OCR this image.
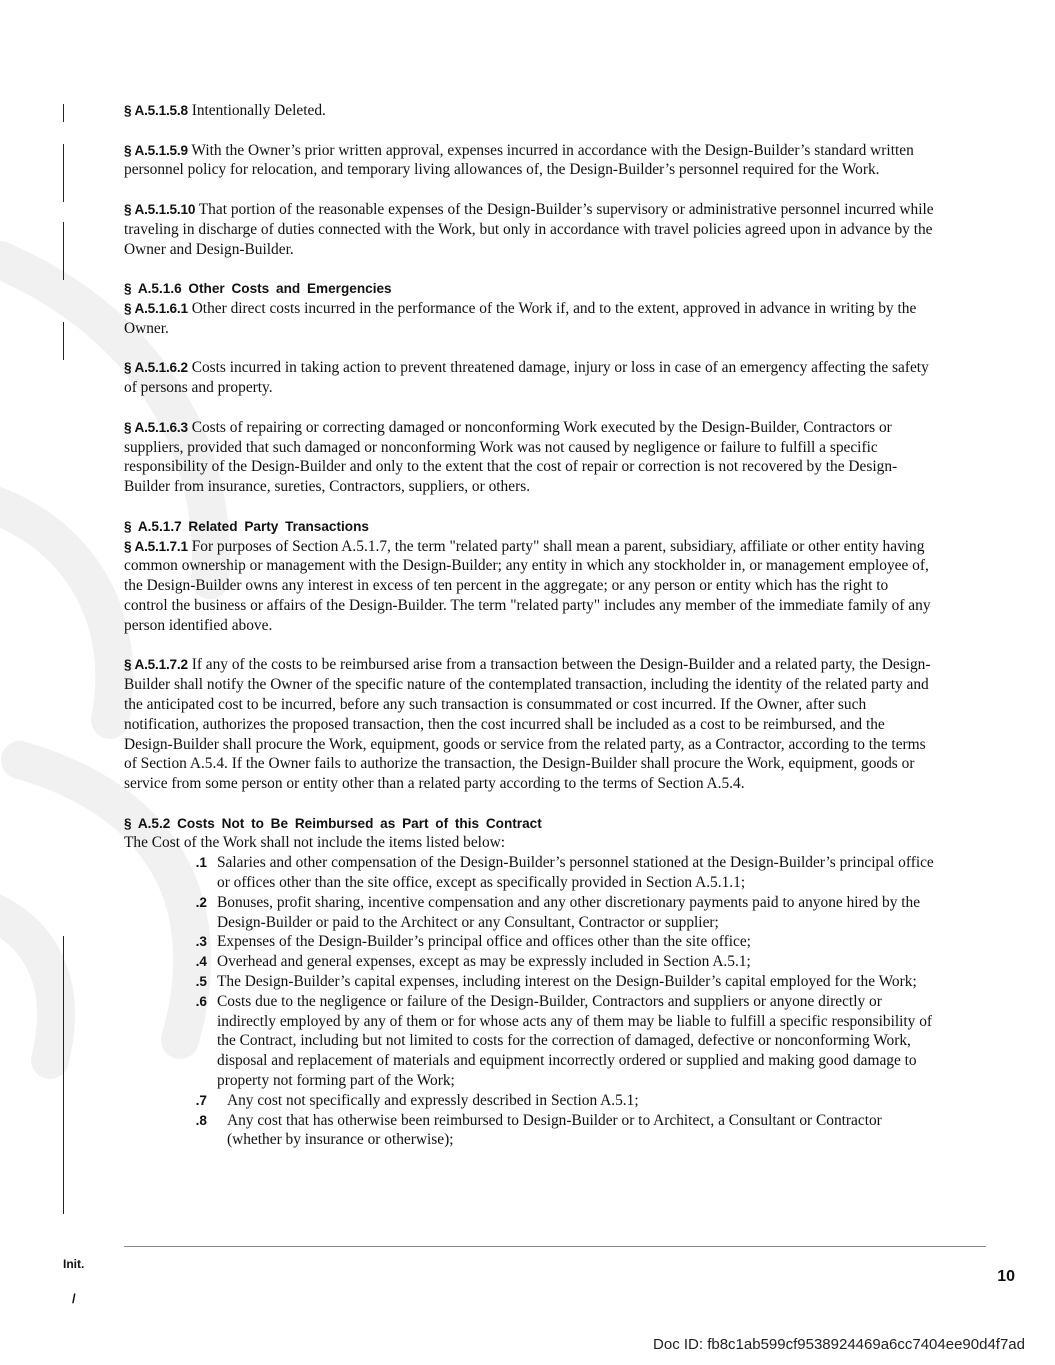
§ A.5.1.5.8 Intentionally Deleted.

§ A.5.1.5.9 With the Owner’s prior written approval, expenses incurred in accordance with the Design-Builder’s standard written personnel policy for relocation, and temporary living allowances of, the Design-Builder’s personnel required for the Work.

§ A.5.1.5.10 That portion of the reasonable expenses of the Design-Builder’s supervisory or administrative personnel incurred while traveling in discharge of duties connected with the Work, but only in accordance with travel policies agreed upon in advance by the Owner and Design-Builder.

§ A.5.1.6 Other Costs and Emergencies

§ A.5.1.6.1 Other direct costs incurred in the performance of the Work if, and to the extent, approved in advance in writing by the Owner.

§ A.5.1.6.2 Costs incurred in taking action to prevent threatened damage, injury or loss in case of an emergency affecting the safety of persons and property.

§ A.5.1.6.3 Costs of repairing or correcting damaged or nonconforming Work executed by the Design-Builder, Contractors or suppliers, provided that such damaged or nonconforming Work was not caused by negligence or failure to fulfill a specific responsibility of the Design-Builder and only to the extent that the cost of repair or correction is not recovered by the Design-Builder from insurance, sureties, Contractors, suppliers, or others.

§ A.5.1.7 Related Party Transactions

§ A.5.1.7.1 For purposes of Section A.5.1.7, the term "related party" shall mean a parent, subsidiary, affiliate or other entity having common ownership or management with the Design-Builder; any entity in which any stockholder in, or management employee of, the Design-Builder owns any interest in excess of ten percent in the aggregate; or any person or entity which has the right to control the business or affairs of the Design-Builder. The term "related party" includes any member of the immediate family of any person identified above.

§ A.5.1.7.2 If any of the costs to be reimbursed arise from a transaction between the Design-Builder and a related party, the Design-Builder shall notify the Owner of the specific nature of the contemplated transaction, including the identity of the related party and the anticipated cost to be incurred, before any such transaction is consummated or cost incurred. If the Owner, after such notification, authorizes the proposed transaction, then the cost incurred shall be included as a cost to be reimbursed, and the Design-Builder shall procure the Work, equipment, goods or service from the related party, as a Contractor, according to the terms of Section A.5.4. If the Owner fails to authorize the transaction, the Design-Builder shall procure the Work, equipment, goods or service from some person or entity other than a related party according to the terms of Section A.5.4.

§ A.5.2 Costs Not to Be Reimbursed as Part of this Contract

The Cost of the Work shall not include the items listed below:

.1 Salaries and other compensation of the Design-Builder’s personnel stationed at the Design-Builder’s principal office or offices other than the site office, except as specifically provided in Section A.5.1.1;
.2 Bonuses, profit sharing, incentive compensation and any other discretionary payments paid to anyone hired by the Design-Builder or paid to the Architect or any Consultant, Contractor or supplier;
.3 Expenses of the Design-Builder’s principal office and offices other than the site office;
.4 Overhead and general expenses, except as may be expressly included in Section A.5.1;
.5 The Design-Builder’s capital expenses, including interest on the Design-Builder’s capital employed for the Work;
.6 Costs due to the negligence or failure of the Design-Builder, Contractors and suppliers or anyone directly or indirectly employed by any of them or for whose acts any of them may be liable to fulfill a specific responsibility of the Contract, including but not limited to costs for the correction of damaged, defective or nonconforming Work, disposal and replacement of materials and equipment incorrectly ordered or supplied and making good damage to property not forming part of the Work;
.7	Any cost not specifically and expressly described in Section A.5.1;
.8	Any cost that has otherwise been reimbursed to Design-Builder or to Architect, a Consultant or Contractor (whether by insurance or otherwise);
Init.
/
10
Doc ID: fb8c1ab599cf9538924469a6cc7404ee90d4f7ad
